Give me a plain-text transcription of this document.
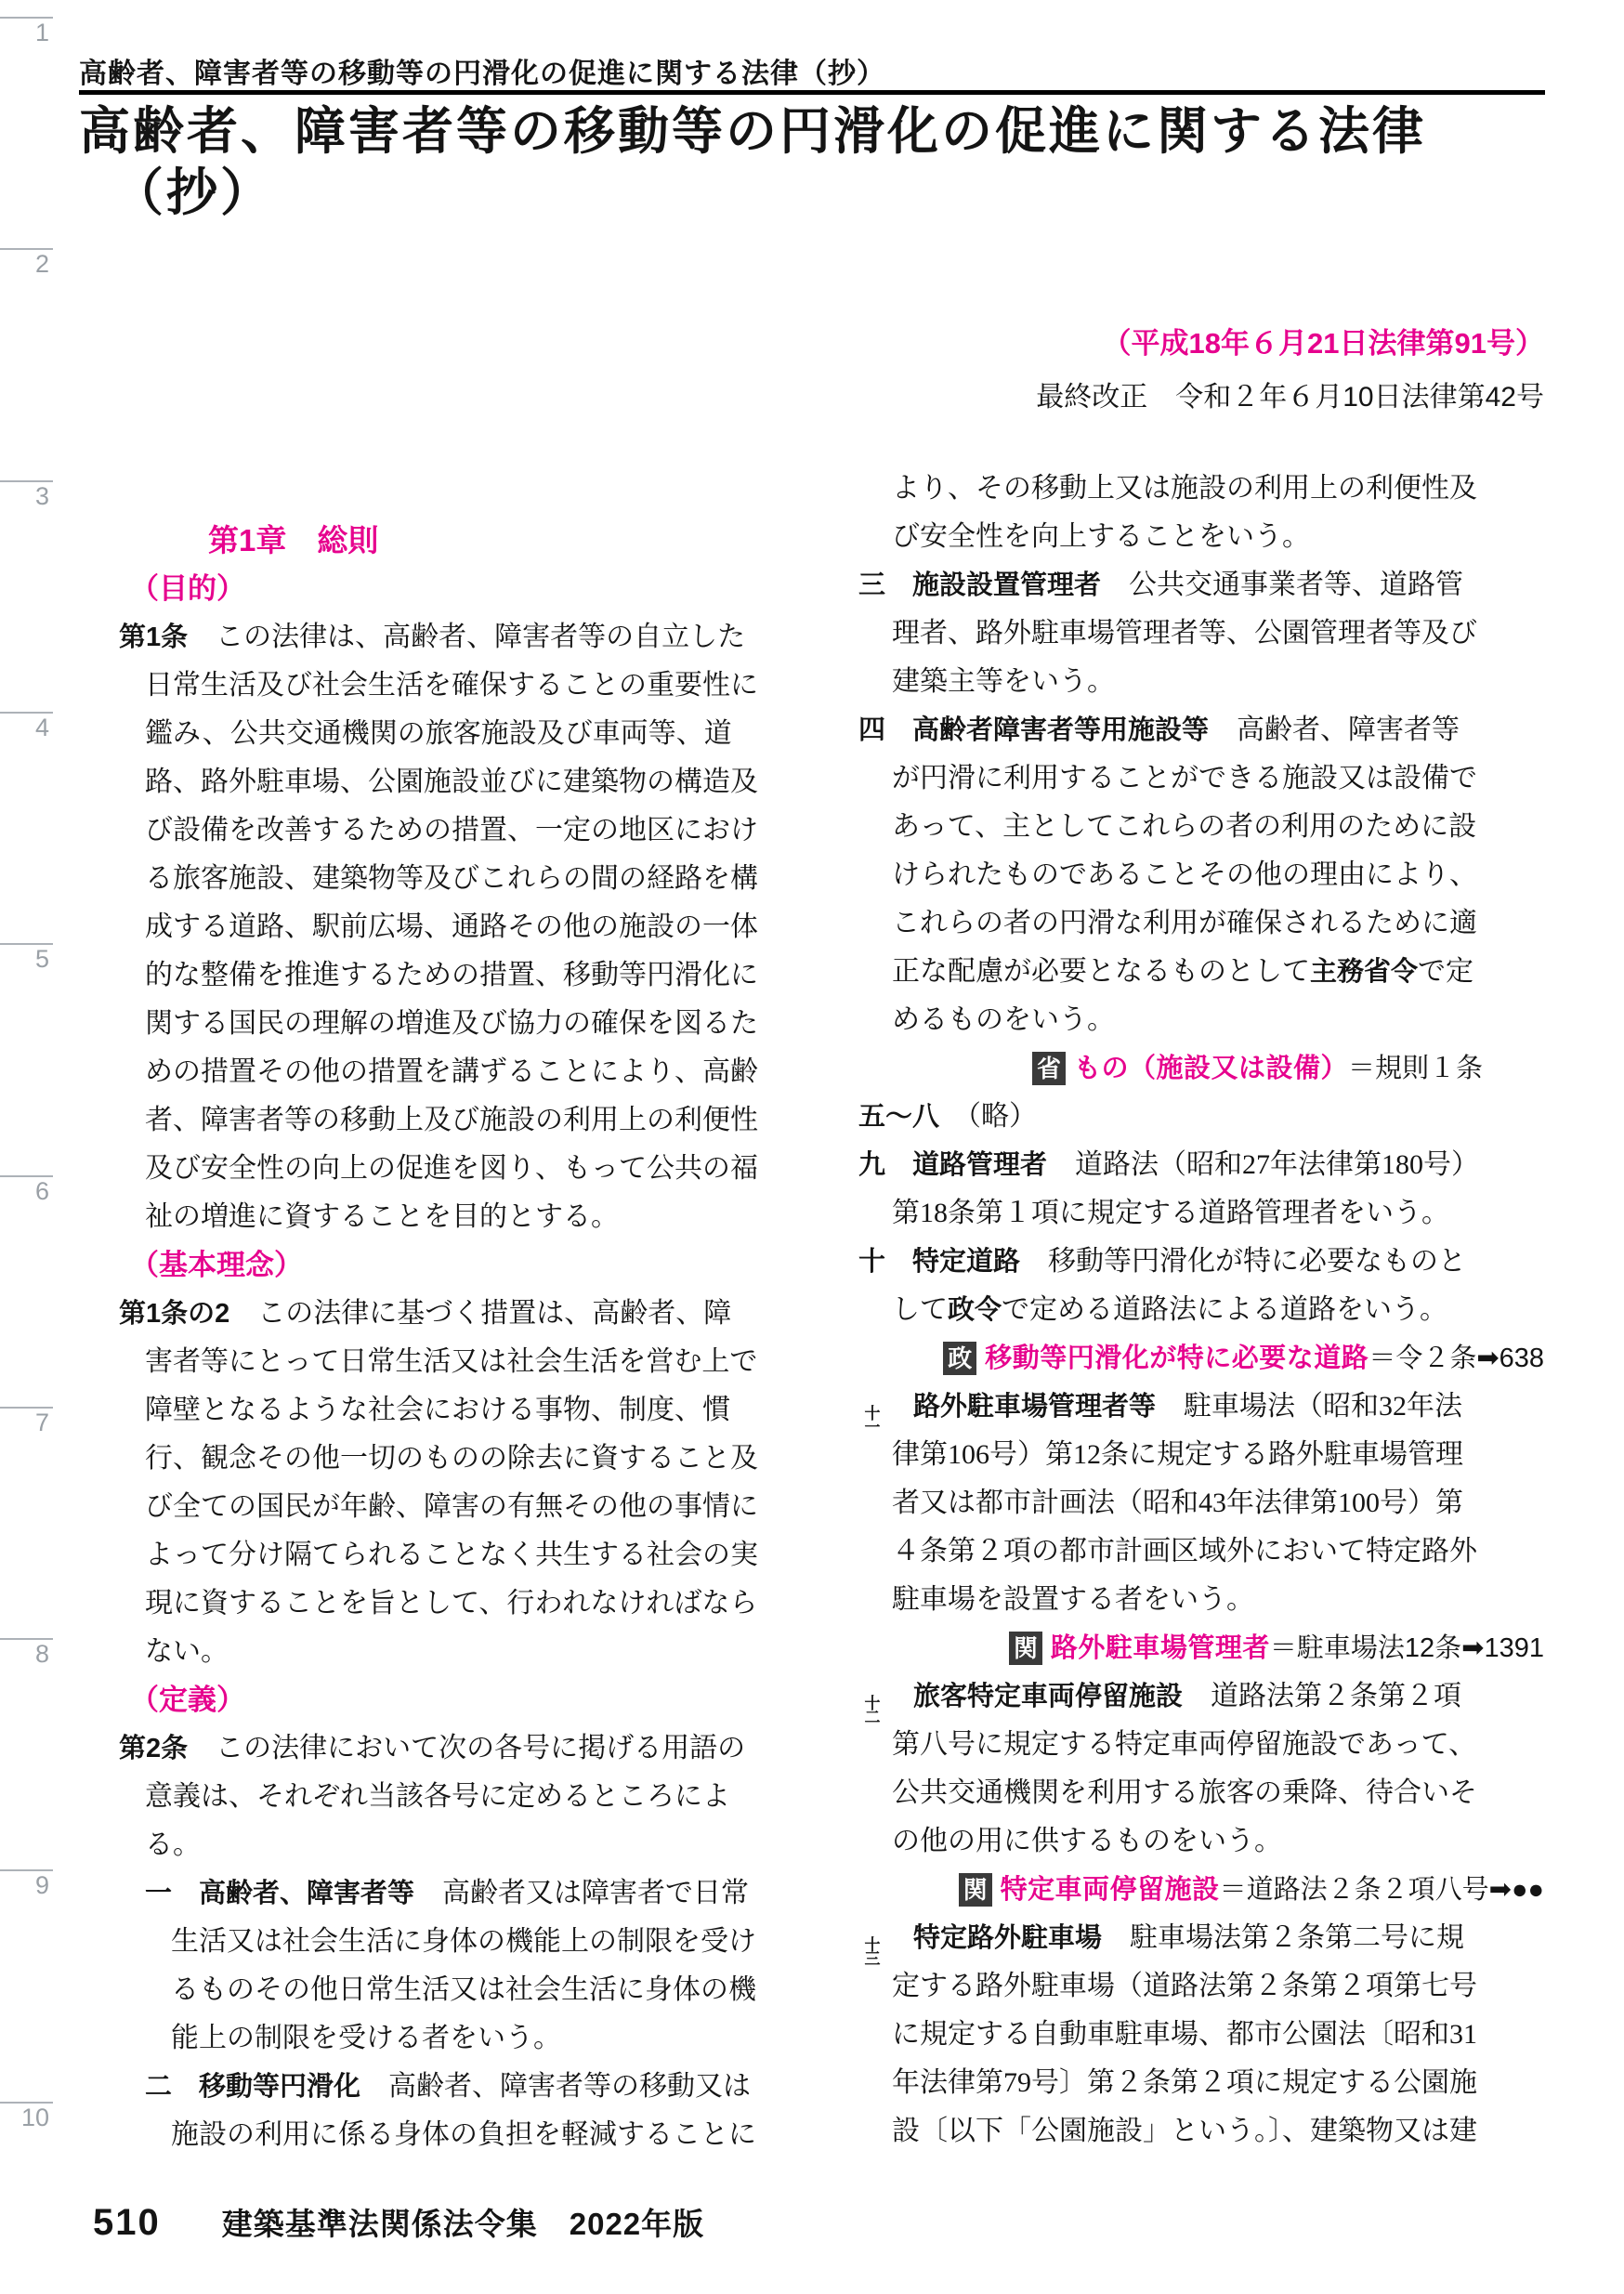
1
2
3
4
5
6
7
8
9
10
高齢者、障害者等の移動等の円滑化の促進に関する法律（抄）
高齢者、障害者等の移動等の円滑化の促進に関する法律
（抄）
（平成18年６月21日法律第91号）
最終改正　令和２年６月10日法律第42号
第1章　総則
（目的）
第1条　この法律は、高齢者、障害者等の自立した
日常生活及び社会生活を確保することの重要性に
鑑み、公共交通機関の旅客施設及び車両等、道
路、路外駐車場、公園施設並びに建築物の構造及
び設備を改善するための措置、一定の地区におけ
る旅客施設、建築物等及びこれらの間の経路を構
成する道路、駅前広場、通路その他の施設の一体
的な整備を推進するための措置、移動等円滑化に
関する国民の理解の増進及び協力の確保を図るた
めの措置その他の措置を講ずることにより、高齢
者、障害者等の移動上及び施設の利用上の利便性
及び安全性の向上の促進を図り、もって公共の福
祉の増進に資することを目的とする。
（基本理念）
第1条の2　この法律に基づく措置は、高齢者、障
害者等にとって日常生活又は社会生活を営む上で
障壁となるような社会における事物、制度、慣
行、観念その他一切のものの除去に資すること及
び全ての国民が年齢、障害の有無その他の事情に
よって分け隔てられることなく共生する社会の実
現に資することを旨として、行われなければなら
ない。
（定義）
第2条　この法律において次の各号に掲げる用語の
意義は、それぞれ当該各号に定めるところによ
る。
一　高齢者、障害者等　高齢者又は障害者で日常
生活又は社会生活に身体の機能上の制限を受け
るものその他日常生活又は社会生活に身体の機
能上の制限を受ける者をいう。
二　移動等円滑化　高齢者、障害者等の移動又は
施設の利用に係る身体の負担を軽減することに
より、その移動上又は施設の利用上の利便性及
び安全性を向上することをいう。
三　施設設置管理者　公共交通事業者等、道路管
理者、路外駐車場管理者等、公園管理者等及び
建築主等をいう。
四　高齢者障害者等用施設等　高齢者、障害者等
が円滑に利用することができる施設又は設備で
あって、主としてこれらの者の利用のために設
けられたものであることその他の理由により、
これらの者の円滑な利用が確保されるために適
正な配慮が必要となるものとして主務省令で定
めるものをいう。
省 もの（施設又は設備） ＝規則１条
五〜八　（略）
九　道路管理者　道路法（昭和27年法律第180号）
第18条第１項に規定する道路管理者をいう。
十　特定道路　移動等円滑化が特に必要なものと
して政令で定める道路法による道路をいう。
政 移動等円滑化が特に必要な道路 ＝令２条➡638
十
一
　路外駐車場管理者等　駐車場法（昭和32年法
律第106号）第12条に規定する路外駐車場管理
者又は都市計画法（昭和43年法律第100号）第
４条第２項の都市計画区域外において特定路外
駐車場を設置する者をいう。
関 路外駐車場管理者 ＝駐車場法12条➡1391
十
二
　旅客特定車両停留施設　道路法第２条第２項
第八号に規定する特定車両停留施設であって、
公共交通機関を利用する旅客の乗降、待合いそ
の他の用に供するものをいう。
関 特定車両停留施設 ＝道路法２条２項八号➡●●
十
三
　特定路外駐車場　駐車場法第２条第二号に規
定する路外駐車場（道路法第２条第２項第七号
に規定する自動車駐車場、都市公園法〔昭和31
年法律第79号〕第２条第２項に規定する公園施
設〔以下「公園施設」という。〕、建築物又は建
510 建築基準法関係法令集　2022年版
